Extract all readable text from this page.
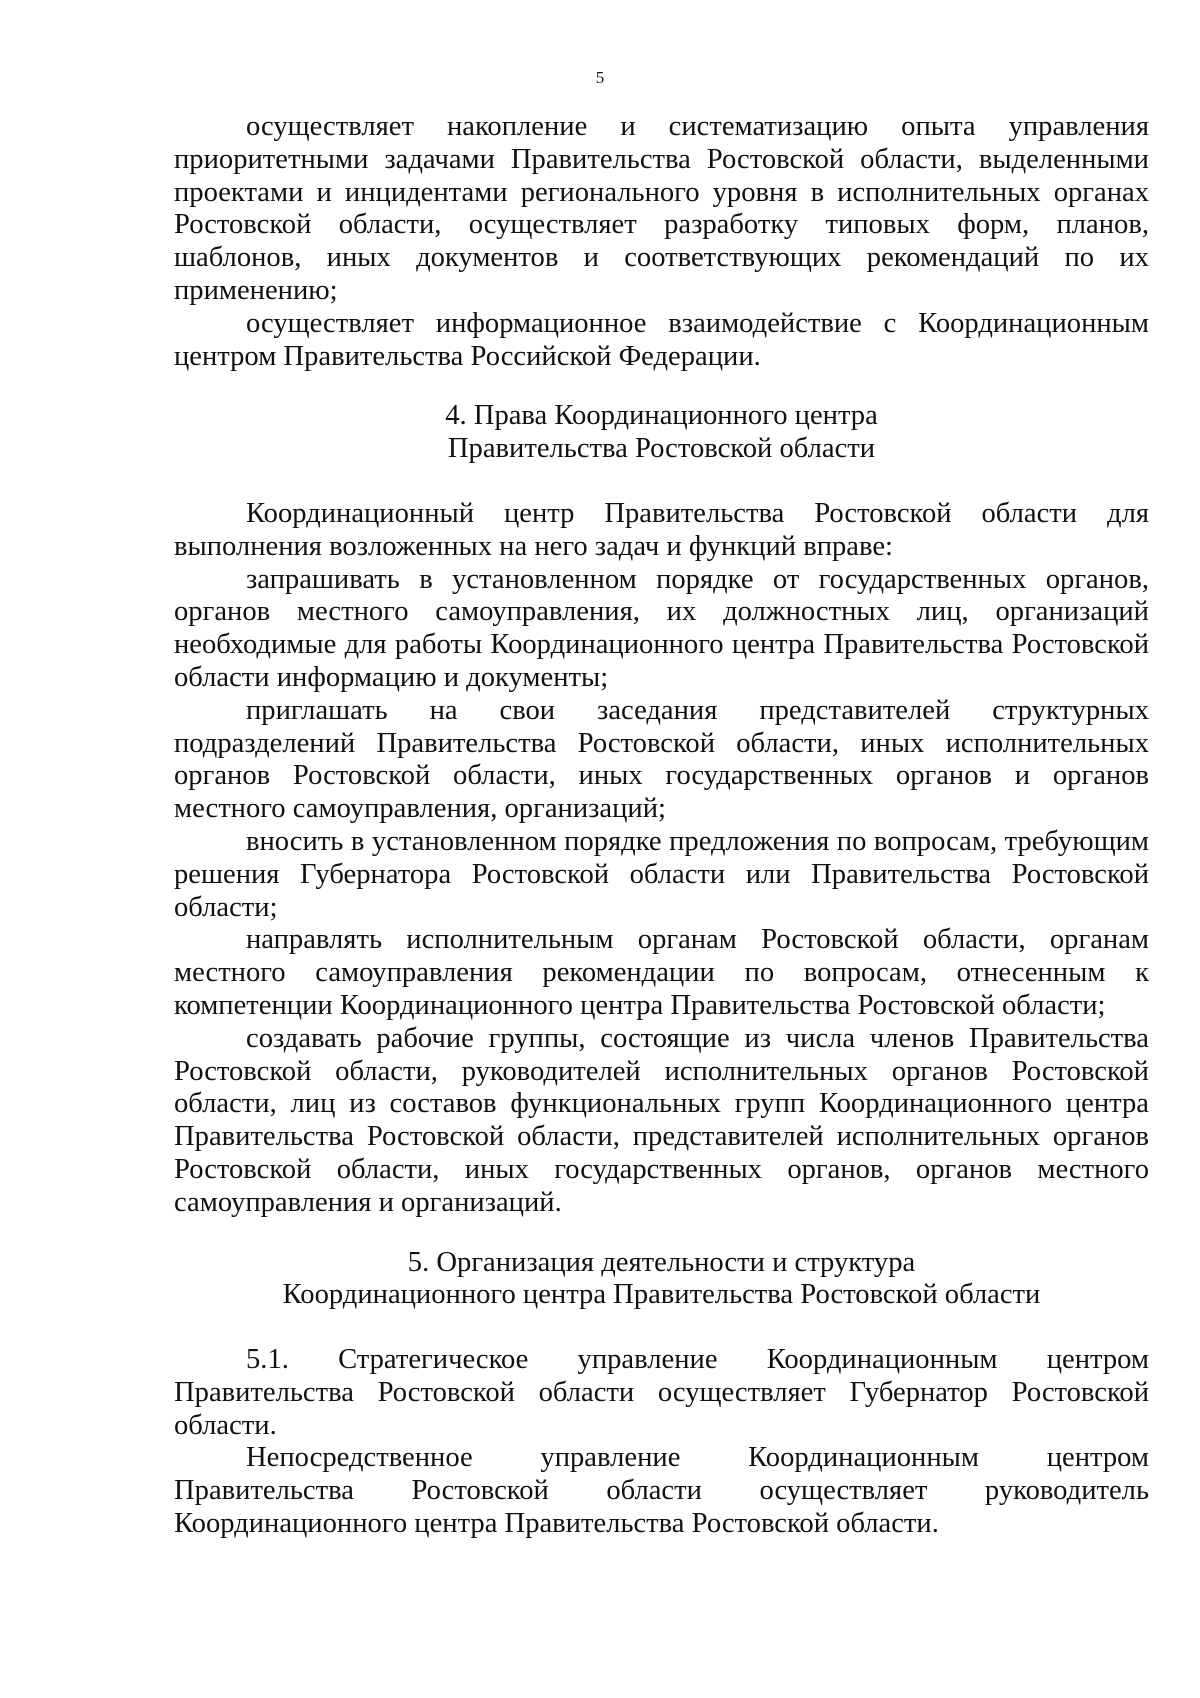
5

осуществляет накопление и систематизацию опыта управления приоритетными задачами Правительства Ростовской области, выделенными проектами и инцидентами регионального уровня в исполнительных органах Ростовской области, осуществляет разработку типовых форм, планов, шаблонов, иных документов и соответствующих рекомендаций по их применению;

осуществляет информационное взаимодействие с Координационным центром Правительства Российской Федерации.

4. Права Координационного центра
Правительства Ростовской области

Координационный центр Правительства Ростовской области для выполнения возложенных на него задач и функций вправе:

запрашивать в установленном порядке от государственных органов, органов местного самоуправления, их должностных лиц, организаций необходимые для работы Координационного центра Правительства Ростовской области информацию и документы;

приглашать на свои заседания представителей структурных подразделений Правительства Ростовской области, иных исполнительных органов Ростовской области, иных государственных органов и органов местного самоуправления, организаций;

вносить в установленном порядке предложения по вопросам, требующим решения Губернатора Ростовской области или Правительства Ростовской области;

направлять исполнительным органам Ростовской области, органам местного самоуправления рекомендации по вопросам, отнесенным к компетенции Координационного центра Правительства Ростовской области;

создавать рабочие группы, состоящие из числа членов Правительства Ростовской области, руководителей исполнительных органов Ростовской области, лиц из составов функциональных групп Координационного центра Правительства Ростовской области, представителей исполнительных органов Ростовской области, иных государственных органов, органов местного самоуправления и организаций.

5. Организация деятельности и структура
Координационного центра Правительства Ростовской области

5.1. Стратегическое управление Координационным центром Правительства Ростовской области осуществляет Губернатор Ростовской области.

Непосредственное управление Координационным центром Правительства Ростовской области осуществляет руководитель Координационного центра Правительства Ростовской области.
